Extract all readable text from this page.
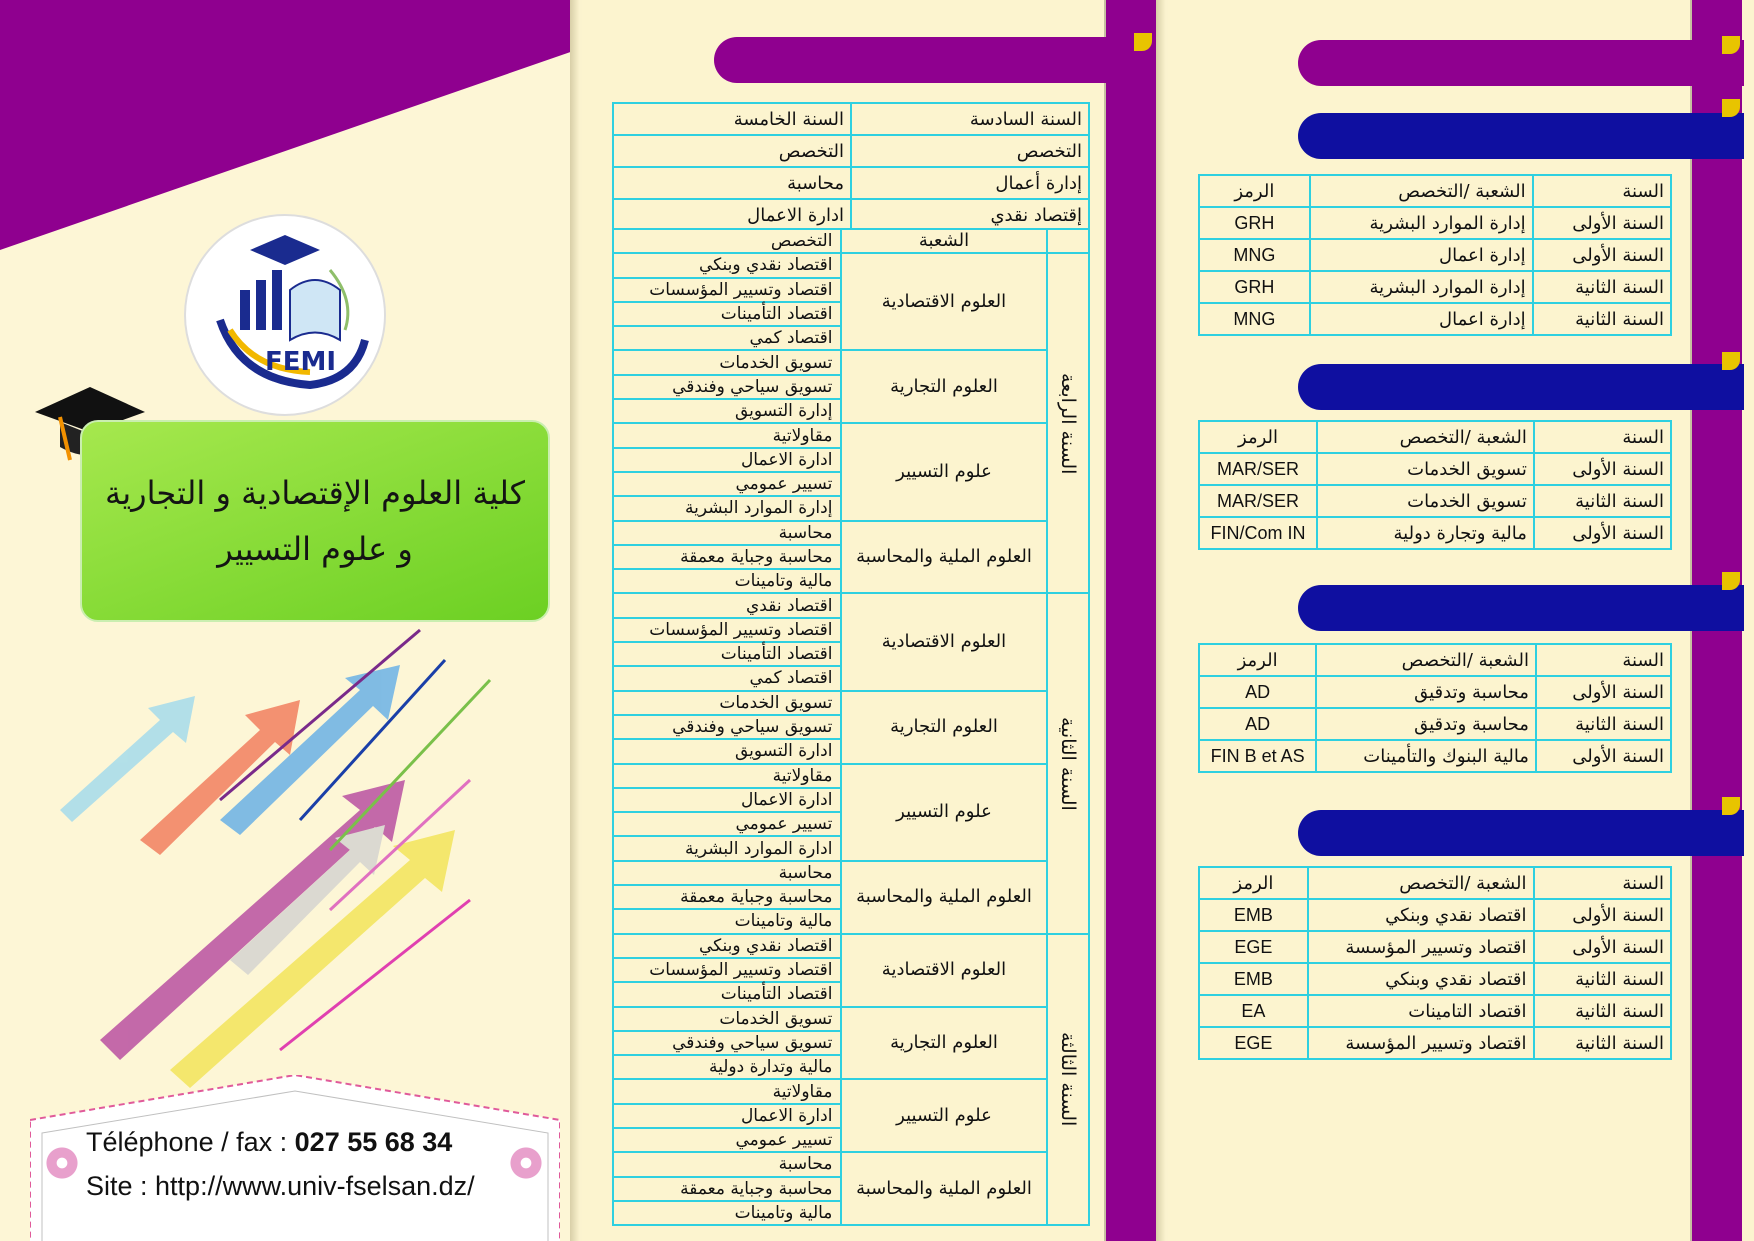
FEMI
كلية العلوم الإقتصادية و التجارية
و علوم التسيير
Téléphone / fax : 027 55 68 34
Site : http://www.univ-fselsan.dz/
السنة السادسة	السنة الخامسة
التخصص	التخصص
إدارة أعمال	محاسبة
إقتصاد نقدي	ادارة الاعمال
	الشعبة	التخصص
السنة الرابعة	العلوم الاقتصادية	اقتصاد نقدي وبنكي
		اقتصاد وتسيير المؤسسات
		اقتصاد التأمينات
		اقتصاد كمي
	العلوم التجارية	تسويق الخدمات
		تسويق سياحي وفندقي
		إدارة التسويق
	علوم التسيير	مقاولاتية
		ادارة الاعمال
		تسيير عمومي
		إدارة الموارد البشرية
	العلوم الملية والمحاسبة	محاسبة
		محاسبة وجباية معمقة
		مالية وتامينات
السنة الثانية	العلوم الاقتصادية	اقتصاد نقدي
		اقتصاد وتسيير المؤسسات
		اقتصاد التأمينات
		اقتصاد كمي
	العلوم التجارية	تسويق الخدمات
		تسويق سياحي وفندقي
		ادارة التسويق
	علوم التسيير	مقاولاتية
		ادارة الاعمال
		تسيير عمومي
		ادارة الموارد البشرية
	العلوم الملية والمحاسبة	محاسبة
		محاسبة وجباية معمقة
		مالية وتامينات
السنة الثالثة	العلوم الاقتصادية	اقتصاد نقدي وبنكي
		اقتصاد وتسيير المؤسسات
		اقتصاد التأمينات
	العلوم التجارية	تسويق الخدمات
		تسويق سياحي وفندقي
		مالية وتدارة دولية
	علوم التسيير	مقاولاتية
		ادارة الاعمال
		تسيير عمومي
	العلوم الملية والمحاسبة	محاسبة
		محاسبة وجباية معمقة
		مالية وتامينات
السنة	الشعبة /التخصص	الرمز
السنة الأولى	إدارة الموارد البشرية	GRH
السنة الأولى	إدارة اعمال	MNG
السنة الثانية	إدارة الموارد البشرية	GRH
السنة الثانية	إدارة اعمال	MNG
السنة	الشعبة /التخصص	الرمز
السنة الأولى	تسويق الخدمات	MAR/SER
السنة الثانية	تسويق الخدمات	MAR/SER
السنة الأولى	مالية وتجارة دولية	FIN/Com IN
السنة	الشعبة /التخصص	الرمز
السنة الأولى	محاسبة وتدقيق	AD
السنة الثانية	محاسبة وتدقيق	AD
السنة الأولى	مالية البنوك والتأمينات	FIN B et AS
السنة	الشعبة /التخصص	الرمز
السنة الأولى	اقتصاد نقدي وبنكي	EMB
السنة الأولى	اقتصاد وتسيير المؤسسة	EGE
السنة الثانية	اقتصاد نقدي وبنكي	EMB
السنة الثانية	اقتصاد التامينات	EA
السنة الثانية	اقتصاد وتسيير المؤسسة	EGE
